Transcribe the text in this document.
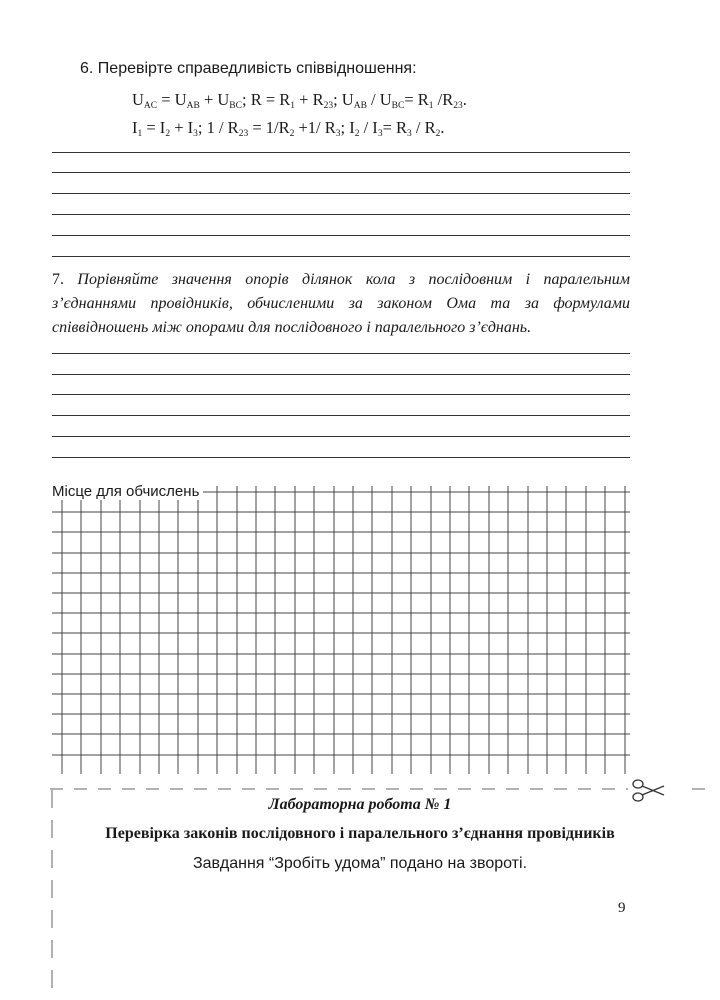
6. Перевірте справедливість співвідношення:
$U_{AC} = U_{AB} + U_{BC}$; $R = R_1 + R_{23}$; $U_{AB} / U_{BC}= R_1$ $/R_{23}$.
$I_1 = I_2 + I_3$; $1 / R_{23} = 1/R_2 +1/$ $R_3$; $I_2 / I_3= R_3 / R_2$.
7. Порівняйте значення опорів ділянок кола з послідовним і паралельним з’єднаннями провідників, обчисленими за законом Ома та за формулами співвідношень між опорами для послідовного і паралельного з’єднань.
Місце для обчислень
Лабораторна робота № 1
Перевірка законів послідовного і паралельного з’єднання провідників
Завдання “Зробіть удома” подано на звороті.
9
